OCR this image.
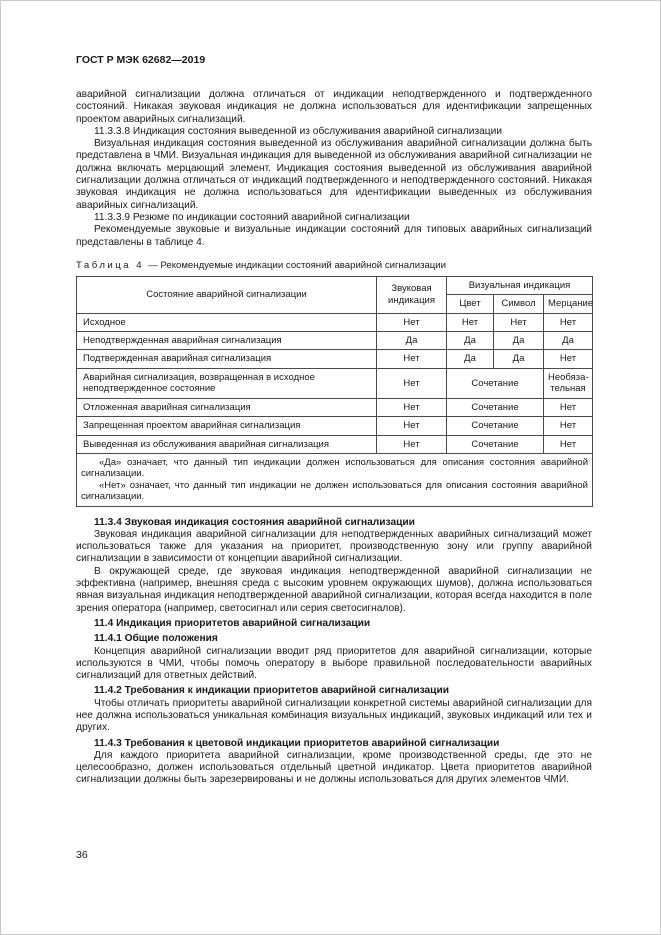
ГОСТ Р МЭК 62682—2019

аварийной сигнализации должна отличаться от индикации неподтвержденного и подтвержденного состояний. Никакая звуковая индикация не должна использоваться для идентификации запрещенных проектом аварийных сигнализаций.

11.3.3.8 Индикация состояния выведенной из обслуживания аварийной сигнализации

Визуальная индикация состояния выведенной из обслуживания аварийной сигнализации должна быть представлена в ЧМИ. Визуальная индикация для выведенной из обслуживания аварийной сигнализации не должна включать мерцающий элемент. Индикация состояния выведенной из обслуживания аварийной сигнализации должна отличаться от индикаций подтвержденного и неподтвержденного состояний. Никакая звуковая индикация не должна использоваться для идентификации выведенных из обслуживания аварийных сигнализаций.

11.3.3.9 Резюме по индикации состояний аварийной сигнализации

Рекомендуемые звуковые и визуальные индикации состояний для типовых аварийных сигнализаций представлены в таблице 4.

Таблица 4 — Рекомендуемые индикации состояний аварийной сигнализации

Состояние аварийной сигнализации	Звуковая индикация	Визуальная индикация		
		Цвет	Символ	Мерцание
Исходное	Нет	Нет	Нет	Нет
Неподтвержденная аварийная сигнализация	Да	Да	Да	Да
Подтвержденная аварийная сигнализация	Нет	Да	Да	Нет
Аварийная сигнализация, возвращенная в исходное неподтвержденное состояние	Нет	Сочетание		Необяза-тельная
Отложенная аварийная сигнализация	Нет	Сочетание		Нет
Запрещенная проектом аварийная сигнализация	Нет	Сочетание		Нет
Выведенная из обслуживания аварийная сигнализация	Нет	Сочетание		Нет

«Да» означает, что данный тип индикации должен использоваться для описания состояния аварийной сигнализации.

«Нет» означает, что данный тип индикации не должен использоваться для описания состояния аварийной сигнализации.				

11.3.4 Звуковая индикация состояния аварийной сигнализации

Звуковая индикация аварийной сигнализации для неподтвержденных аварийных сигнализаций может использоваться также для указания на приоритет, производственную зону или группу аварийной сигнализации в зависимости от концепции аварийной сигнализации.

В окружающей среде, где звуковая индикация неподтвержденной аварийной сигнализации не эффективна (например, внешняя среда с высоким уровнем окружающих шумов), должна использоваться явная визуальная индикация неподтвержденной аварийной сигнализации, которая всегда находится в поле зрения оператора (например, светосигнал или серия светосигналов).

11.4 Индикация приоритетов аварийной сигнализации

11.4.1 Общие положения

Концепция аварийной сигнализации вводит ряд приоритетов для аварийной сигнализации, которые используются в ЧМИ, чтобы помочь оператору в выборе правильной последовательности аварийных сигнализаций для ответных действий.

11.4.2 Требования к индикации приоритетов аварийной сигнализации

Чтобы отличать приоритеты аварийной сигнализации конкретной системы аварийной сигнализации для нее должна использоваться уникальная комбинация визуальных индикаций, звуковых индикаций или тех и других.

11.4.3 Требования к цветовой индикации приоритетов аварийной сигнализации

Для каждого приоритета аварийной сигнализации, кроме производственной среды, где это не целесообразно, должен использоваться отдельный цветной индикатор. Цвета приоритетов аварийной сигнализации должны быть зарезервированы и не должны использоваться для других элементов ЧМИ.

36
